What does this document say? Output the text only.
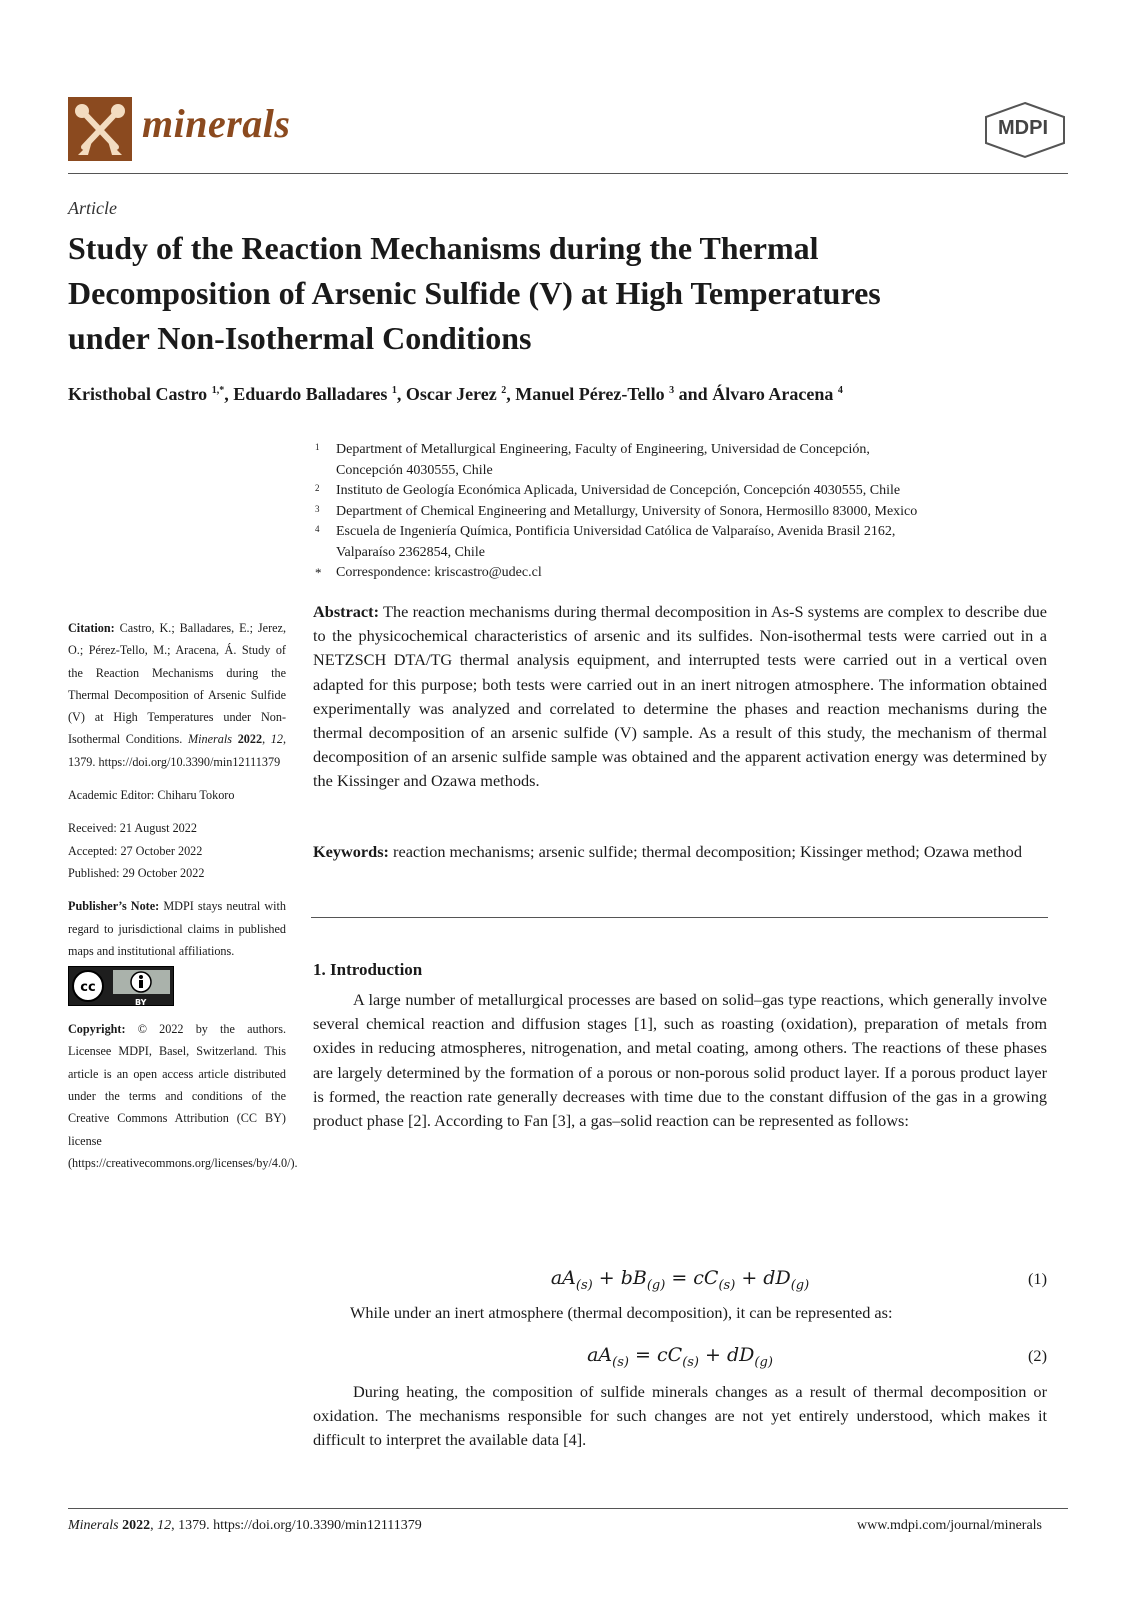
minerals	MDPI
Article
Study of the Reaction Mechanisms during the Thermal
Decomposition of Arsenic Sulfide (V) at High Temperatures
under Non-Isothermal Conditions
Kristhobal Castro $^{1,*}$, Eduardo Balladares $^1$, Oscar Jerez $^2$, Manuel Pérez-Tello $^3$ and Álvaro Aracena $^4$
1 Department of Metallurgical Engineering, Faculty of Engineering, Universidad de Concepción,
Concepción 4030555, Chile
2 Instituto de Geología Económica Aplicada, Universidad de Concepción, Concepción 4030555, Chile
3 Department of Chemical Engineering and Metallurgy, University of Sonora, Hermosillo 83000, Mexico
4 Escuela de Ingeniería Química, Pontificia Universidad Católica de Valparaíso, Avenida Brasil 2162,
Valparaíso 2362854, Chile
* Correspondence: kriscastro@udec.cl

Citation: Castro, K.; Balladares, E.; Jerez, O.; Pérez-Tello, M.; Aracena, Á. Study of the Reaction Mechanisms during the Thermal Decomposition of Arsenic Sulfide (V) at High Temperatures under Non-Isothermal Conditions. Minerals 2022, 12, 1379. https://doi.org/10.3390/min12111379

Academic Editor: Chiharu Tokoro

Received: 21 August 2022

Accepted: 27 October 2022

Published: 29 October 2022

Publisher’s Note: MDPI stays neutral with regard to jurisdictional claims in published maps and institutional affiliations.

cc
BY

Copyright: © 2022 by the authors. Licensee MDPI, Basel, Switzerland. This article is an open access article distributed under the terms and conditions of the Creative Commons Attribution (CC BY) license (https://creativecommons.org/licenses/by/4.0/).

Abstract: The reaction mechanisms during thermal decomposition in As-S systems are complex to describe due to the physicochemical characteristics of arsenic and its sulfides. Non-isothermal tests were carried out in a NETZSCH DTA/TG thermal analysis equipment, and interrupted tests were carried out in a vertical oven adapted for this purpose; both tests were carried out in an inert nitrogen atmosphere. The information obtained experimentally was analyzed and correlated to determine the phases and reaction mechanisms during the thermal decomposition of an arsenic sulfide (V) sample. As a result of this study, the mechanism of thermal decomposition of an arsenic sulfide sample was obtained and the apparent activation energy was determined by the Kissinger and Ozawa methods.
Keywords: reaction mechanisms; arsenic sulfide; thermal decomposition; Kissinger method; Ozawa method
1. Introduction
A large number of metallurgical processes are based on solid–gas type reactions, which generally involve several chemical reaction and diffusion stages [1], such as roasting (oxidation), preparation of metals from oxides in reducing atmospheres, nitrogenation, and metal coating, among others. The reactions of these phases are largely determined by the formation of a porous or non-porous solid product layer. If a porous product layer is formed, the reaction rate generally decreases with time due to the constant diffusion of the gas in a growing product phase [2]. According to Fan [3], a gas–solid reaction can be represented as follows:
$aA_{(s)} + bB_{(g)} = cC_{(s)} + dD_{(g)}$	(1)
While under an inert atmosphere (thermal decomposition), it can be represented as:
$aA_{(s)} = cC_{(s)} + dD_{(g)}$	(2)
During heating, the composition of sulfide minerals changes as a result of thermal decomposition or oxidation. The mechanisms responsible for such changes are not yet entirely understood, which makes it difficult to interpret the available data [4].
Minerals 2022, 12, 1379. https://doi.org/10.3390/min12111379	www.mdpi.com/journal/minerals
